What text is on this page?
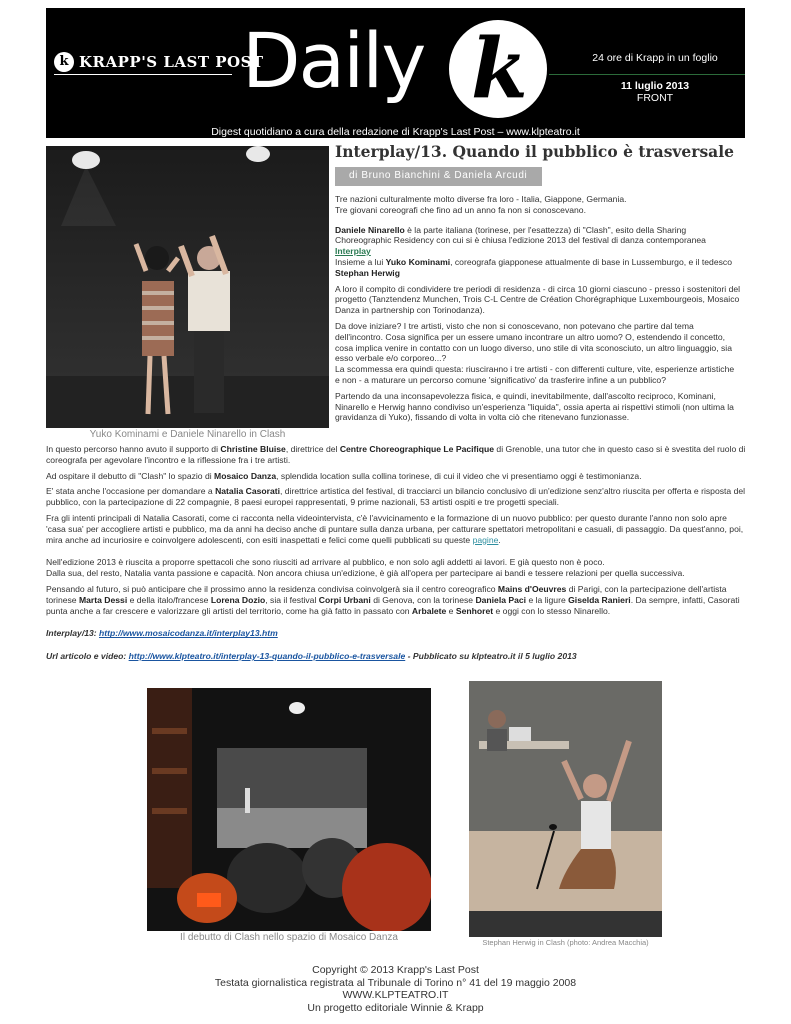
k KRAPP'S LAST POST
Daily k	24 ore di Krapp in un foglio
11 luglio 2013
FRONT
Digest quotidiano a cura della redazione di Krapp's Last Post – www.klpteatro.it
Yuko Kominami e Daniele Ninarello in Clash
Interplay/13. Quando il pubblico è trasversale
di Bruno Bianchini & Daniela Arcudi

Tre nazioni culturalmente molto diverse fra loro - Italia, Giappone, Germania.
Tre giovani coreografi che fino ad un anno fa non si conoscevano.

Daniele Ninarello è la parte italiana (torinese, per l'esattezza) di "Clash", esito della Sharing Choreographic Residency con cui si è chiusa l'edizione 2013 del festival di danza contemporanea Interplay
Insieme a lui Yuko Kominami, coreografa giapponese attualmente di base in Lussemburgo, e il tedesco Stephan Herwig

A loro il compito di condividere tre periodi di residenza - di circa 10 giorni ciascuno - presso i sostenitori del progetto (Tanztendenz Munchen, Trois C-L Centre de Création Chorégraphique Luxembourgeois, Mosaico Danza in partnership con Torinodanza).

Da dove iniziare? I tre artisti, visto che non si conoscevano, non potevano che partire dal tema dell'incontro. Cosa significa per un essere umano incontrare un altro uomo? O, estendendo il concetto, cosa implica venire in contatto con un luogo diverso, uno stile di vita sconosciuto, un altro linguaggio, sia esso verbale e/o corporeo...?
La scommessa era quindi questa: riuscirанno i tre artisti - con differenti culture, vite, esperienze artistiche e non - a maturare un percorso comune 'significativo' da trasferire infine a un pubblico?

Partendo da una inconsapevolezza fisica, e quindi, inevitabilmente, dall'ascolto reciproco, Kominani, Ninarello e Herwig hanno condiviso un'esperienza "liquida", ossia aperta ai rispettivi stimoli (non ultima la gravidanza di Yuko), fissando di volta in volta ciò che ritenevano funzionasse.

In questo percorso hanno avuto il supporto di Christine Bluise, direttrice del Centre Choreographique Le Pacifique di Grenoble, una tutor che in questo caso si è svestita del ruolo di coreografa per agevolare l'incontro e la riflessione fra i tre artisti.

Ad ospitare il debutto di "Clash" lo spazio di Mosaico Danza, splendida location sulla collina torinese, di cui il video che vi presentiamo oggi è testimonianza.

E' stata anche l'occasione per domandare a Natalia Casorati, direttrice artistica del festival, di tracciarci un bilancio conclusivo di un'edizione senz'altro riuscita per offerta e risposta del pubblico, con la partecipazione di 22 compagnie, 8 paesi europei rappresentati, 9 prime nazionali, 53 artisti ospiti e tre progetti speciali.

Fra gli intenti principali di Natalia Casorati, come ci racconta nella videointervista, c'è l'avvicinamento e la formazione di un nuovo pubblico: per questo durante l'anno non solo apre 'casa sua' per accogliere artisti e pubblico, ma da anni ha deciso anche di puntare sulla danza urbana, per catturare spettatori metropolitani e casuali, di passaggio. Da quest'anno, poi, mira anche ad incuriosire e coinvolgere adolescenti, con esiti inaspettati e felici come quelli pubblicati su queste pagine.

Nell'edizione 2013 è riuscita a proporre spettacoli che sono riusciti ad arrivare al pubblico, e non solo agli addetti ai lavori. E già questo non è poco.
Dalla sua, del resto, Natalia vanta passione e capacità. Non ancora chiusa un'edizione, è già all'opera per partecipare ai bandi e tessere relazioni per quella successiva.

Pensando al futuro, si può anticipare che il prossimo anno la residenza condivisa coinvolgerà sia il centro coreografico Mains d'Oeuvres di Parigi, con la partecipazione dell'artista torinese Marta Dessi e della italo/francese Lorena Dozio, sia il festival Corpi Urbani di Genova, con la torinese Daniela Paci e la ligure Giselda Ranieri. Da sempre, infatti, Casorati punta anche a far crescere e valorizzare gli artisti del territorio, come ha già fatto in passato con Arbalete e Senhoret e oggi con lo stesso Ninarello.

Interplay/13: http://www.mosaicodanza.it/interplay13.htm

Url articolo e video: http://www.klpteatro.it/interplay-13-quando-il-pubblico-e-trasversale - Pubblicato su klpteatro.it il 5 luglio 2013

Il debutto di Clash nello spazio di Mosaico Danza	Stephan Herwig in Clash (photo: Andrea Macchia)
Copyright © 2013 Krapp's Last Post
Testata giornalistica registrata al Tribunale di Torino n° 41 del 19 maggio 2008
WWW.KLPTEATRO.IT
Un progetto editoriale Winnie & Krapp
